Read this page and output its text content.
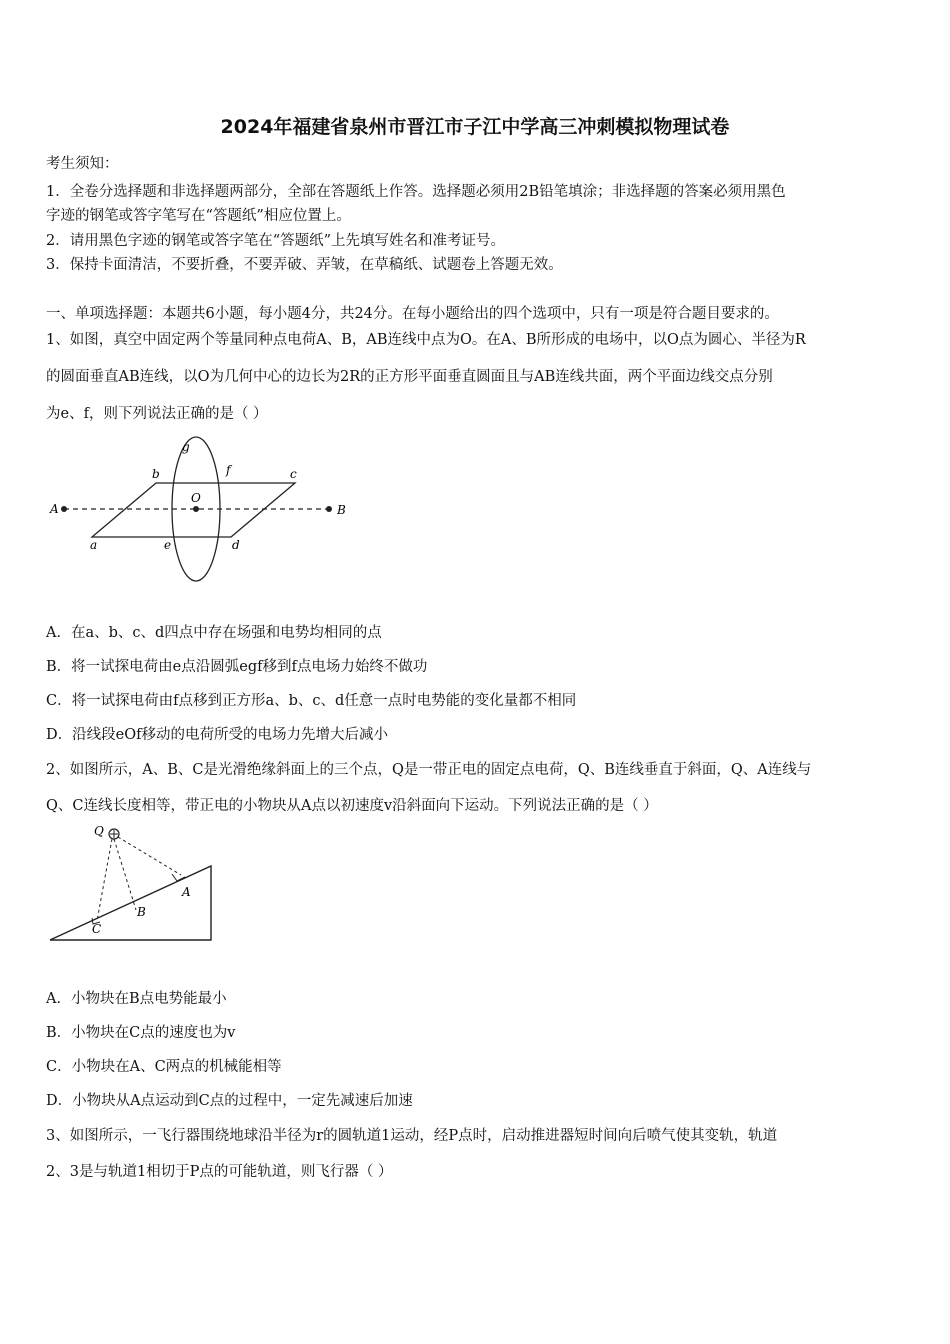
2024年福建省泉州市晋江市子江中学高三冲刺模拟物理试卷
考生须知：
1．全卷分选择题和非选择题两部分，全部在答题纸上作答。选择题必须用2B铅笔填涂；非选择题的答案必须用黑色
字迹的钢笔或答字笔写在“答题纸”相应位置上。
2．请用黑色字迹的钢笔或答字笔在“答题纸”上先填写姓名和准考证号。
3．保持卡面清洁，不要折叠，不要弄破、弄皱，在草稿纸、试题卷上答题无效。
一、单项选择题：本题共6小题，每小题4分，共24分。在每小题给出的四个选项中，只有一项是符合题目要求的。
1、如图，真空中固定两个等量同种点电荷A、B，AB连线中点为O。在A、B所形成的电场中，以O点为圆心、半径为R
的圆面垂直AB连线，以O为几何中心的边长为2R的正方形平面垂直圆面且与AB连线共面，两个平面边线交点分别
为e、f，则下列说法正确的是（ ）
A	B
O
a
b	c
d
e
f
g
A．在a、b、c、d四点中存在场强和电势均相同的点
B．将一试探电荷由e点沿圆弧egf移到f点电场力始终不做功
C．将一试探电荷由f点移到正方形a、b、c、d任意一点时电势能的变化量都不相同
D．沿线段eOf移动的电荷所受的电场力先增大后减小
2、如图所示，A、B、C是光滑绝缘斜面上的三个点，Q是一带正电的固定点电荷，Q、B连线垂直于斜面，Q、A连线与
Q、C连线长度相等，带正电的小物块从A点以初速度v沿斜面向下运动。下列说法正确的是（ ）
Q
A
B
C
A．小物块在B点电势能最小
B．小物块在C点的速度也为v
C．小物块在A、C两点的机械能相等
D．小物块从A点运动到C点的过程中，一定先减速后加速
3、如图所示，一飞行器围绕地球沿半径为r的圆轨道1运动，经P点时，启动推进器短时间向后喷气使其变轨，轨道
2、3是与轨道1相切于P点的可能轨道，则飞行器（ ）
